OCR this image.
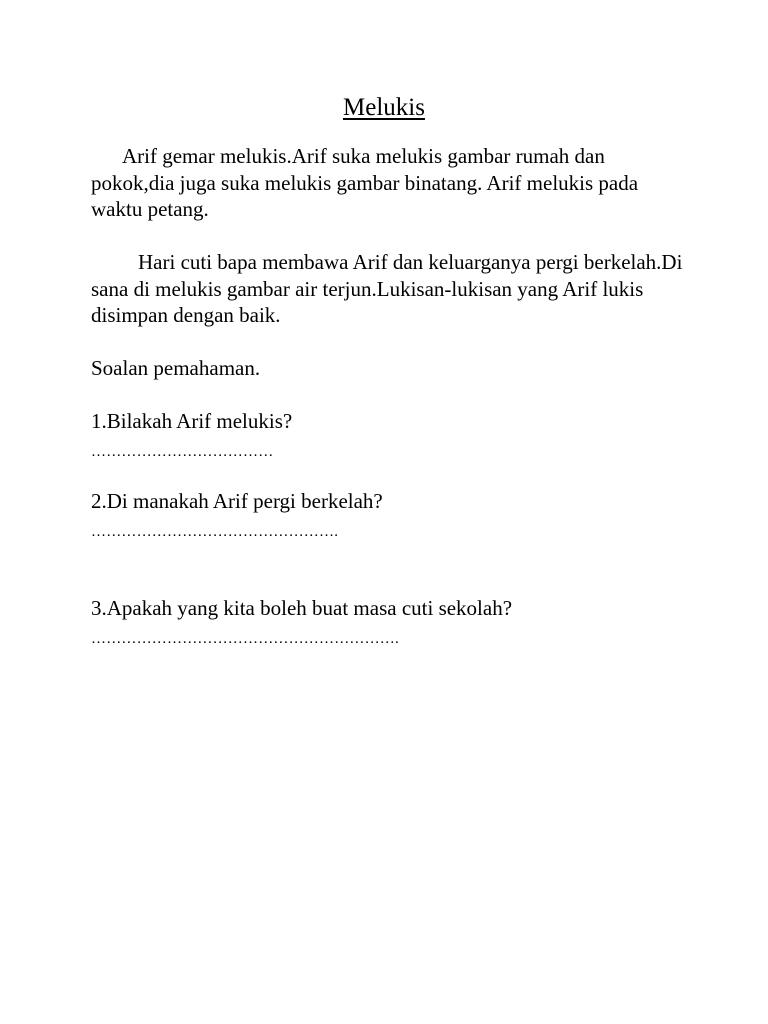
Melukis

Arif gemar melukis.Arif suka melukis gambar rumah dan pokok,dia juga suka melukis gambar binatang. Arif melukis pada waktu petang.

Hari cuti bapa membawa Arif dan keluarganya pergi berkelah.Di sana di melukis gambar air terjun.Lukisan-lukisan yang Arif lukis disimpan dengan baik.

Soalan pemahaman.
1.Bilakah Arif melukis?
………………………………
2.Di manakah Arif pergi berkelah?
………………………………………….
3.Apakah yang kita boleh buat masa cuti sekolah?
…………………………………………………….
